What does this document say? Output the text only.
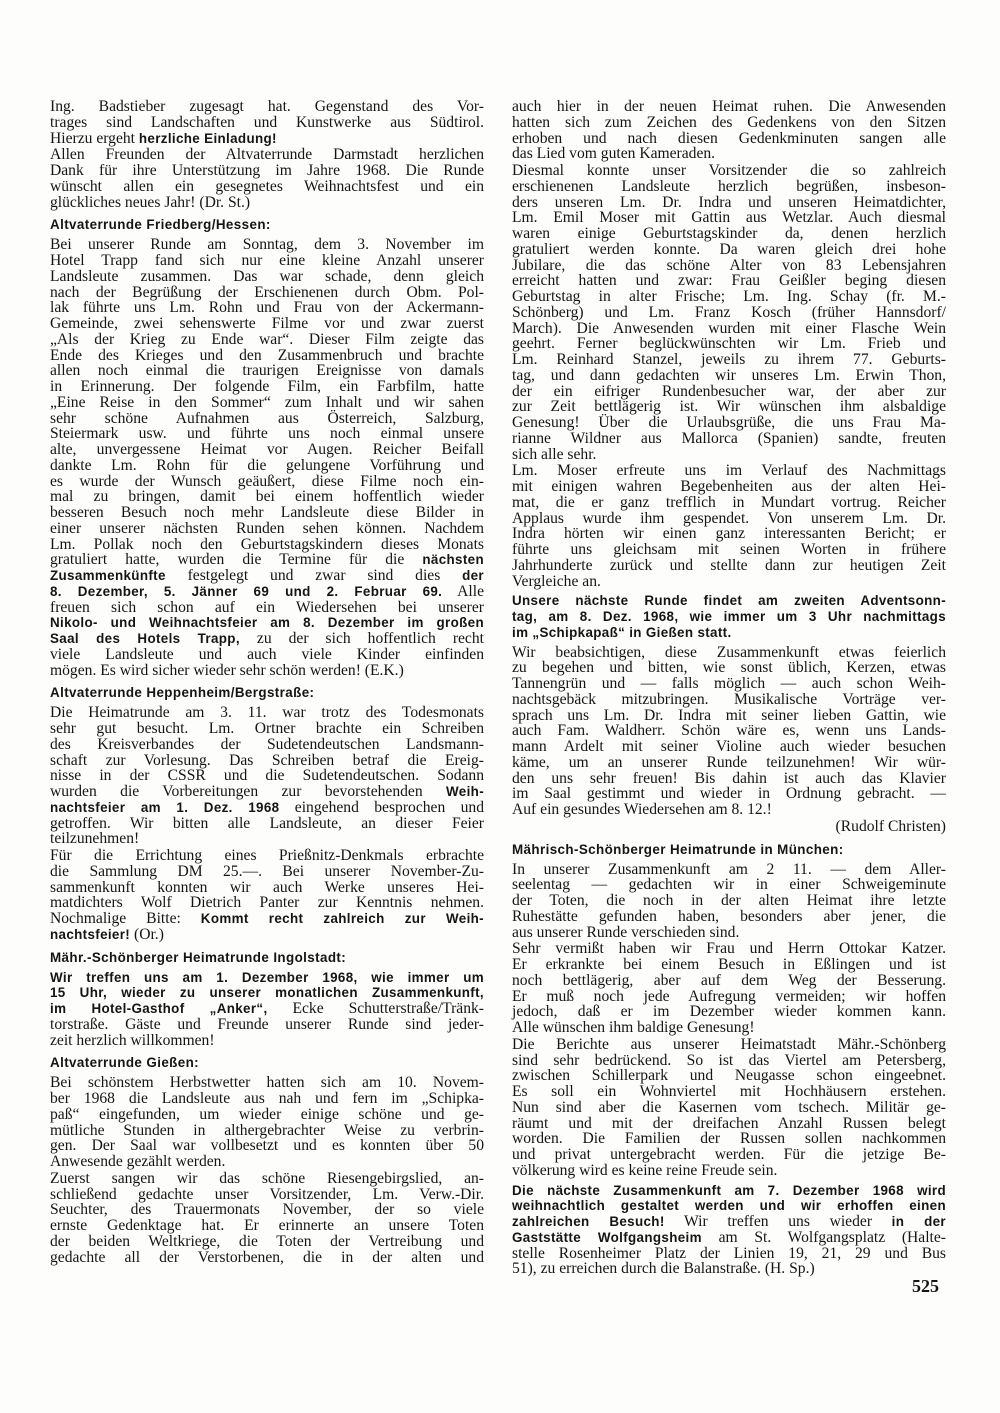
Ing. Badstieber zugesagt hat. Gegenstand des Vor-
trages sind Landschaften und Kunstwerke aus Südtirol.
Hierzu ergeht herzliche Einladung!
Allen Freunden der Altvaterrunde Darmstadt herzlichen
Dank für ihre Unterstützung im Jahre 1968. Die Runde
wünscht allen ein gesegnetes Weihnachtsfest und ein
glückliches neues Jahr! (Dr. St.)
Altvaterrunde Friedberg/Hessen:
Bei unserer Runde am Sonntag, dem 3. November im
Hotel Trapp fand sich nur eine kleine Anzahl unserer
Landsleute zusammen. Das war schade, denn gleich
nach der Begrüßung der Erschienenen durch Obm. Pol-
lak führte uns Lm. Rohn und Frau von der Ackermann-
Gemeinde, zwei sehenswerte Filme vor und zwar zuerst
„Als der Krieg zu Ende war“. Dieser Film zeigte das
Ende des Krieges und den Zusammenbruch und brachte
allen noch einmal die traurigen Ereignisse von damals
in Erinnerung. Der folgende Film, ein Farbfilm, hatte
„Eine Reise in den Sommer“ zum Inhalt und wir sahen
sehr schöne Aufnahmen aus Österreich, Salzburg,
Steiermark usw. und führte uns noch einmal unsere
alte, unvergessene Heimat vor Augen. Reicher Beifall
dankte Lm. Rohn für die gelungene Vorführung und
es wurde der Wunsch geäußert, diese Filme noch ein-
mal zu bringen, damit bei einem hoffentlich wieder
besseren Besuch noch mehr Landsleute diese Bilder in
einer unserer nächsten Runden sehen können. Nachdem
Lm. Pollak noch den Geburtstagskindern dieses Monats
gratuliert hatte, wurden die Termine für die nächsten
Zusammenkünfte festgelegt und zwar sind dies der
8. Dezember, 5. Jänner 69 und 2. Februar 69. Alle
freuen sich schon auf ein Wiedersehen bei unserer
Nikolo- und Weihnachtsfeier am 8. Dezember im großen
Saal des Hotels Trapp, zu der sich hoffentlich recht
viele Landsleute und auch viele Kinder einfinden
mögen. Es wird sicher wieder sehr schön werden! (E.K.)
Altvaterrunde Heppenheim/Bergstraße:
Die Heimatrunde am 3. 11. war trotz des Todesmonats
sehr gut besucht. Lm. Ortner brachte ein Schreiben
des Kreisverbandes der Sudetendeutschen Landsmann-
schaft zur Vorlesung. Das Schreiben betraf die Ereig-
nisse in der CSSR und die Sudetendeutschen. Sodann
wurden die Vorbereitungen zur bevorstehenden Weih-
nachtsfeier am 1. Dez. 1968 eingehend besprochen und
getroffen. Wir bitten alle Landsleute, an dieser Feier
teilzunehmen!
Für die Errichtung eines Prießnitz-Denkmals erbrachte
die Sammlung DM 25.—. Bei unserer November-Zu-
sammenkunft konnten wir auch Werke unseres Hei-
matdichters Wolf Dietrich Panter zur Kenntnis nehmen.
Nochmalige Bitte: Kommt recht zahlreich zur Weih-
nachtsfeier! (Or.)
Mähr.-Schönberger Heimatrunde Ingolstadt:
Wir treffen uns am 1. Dezember 1968, wie immer um
15 Uhr, wieder zu unserer monatlichen Zusammenkunft,
im Hotel-Gasthof „Anker“, Ecke Schutterstraße/Tränk-
torstraße. Gäste und Freunde unserer Runde sind jeder-
zeit herzlich willkommen!
Altvaterrunde Gießen:
Bei schönstem Herbstwetter hatten sich am 10. Novem-
ber 1968 die Landsleute aus nah und fern im „Schipka-
paß“ eingefunden, um wieder einige schöne und ge-
mütliche Stunden in althergebrachter Weise zu verbrin-
gen. Der Saal war vollbesetzt und es konnten über 50
Anwesende gezählt werden.
Zuerst sangen wir das schöne Riesengebirgslied, an-
schließend gedachte unser Vorsitzender, Lm. Verw.-Dir.
Seuchter, des Trauermonats November, der so viele
ernste Gedenktage hat. Er erinnerte an unsere Toten
der beiden Weltkriege, die Toten der Vertreibung und
gedachte all der Verstorbenen, die in der alten und
auch hier in der neuen Heimat ruhen. Die Anwesenden
hatten sich zum Zeichen des Gedenkens von den Sitzen
erhoben und nach diesen Gedenkminuten sangen alle
das Lied vom guten Kameraden.
Diesmal konnte unser Vorsitzender die so zahlreich
erschienenen Landsleute herzlich begrüßen, insbeson-
ders unseren Lm. Dr. Indra und unseren Heimatdichter,
Lm. Emil Moser mit Gattin aus Wetzlar. Auch diesmal
waren einige Geburtstagskinder da, denen herzlich
gratuliert werden konnte. Da waren gleich drei hohe
Jubilare, die das schöne Alter von 83 Lebensjahren
erreicht hatten und zwar: Frau Geißler beging diesen
Geburtstag in alter Frische; Lm. Ing. Schay (fr. M.-
Schönberg) und Lm. Franz Kosch (früher Hannsdorf/
March). Die Anwesenden wurden mit einer Flasche Wein
geehrt. Ferner beglückwünschten wir Lm. Frieb und
Lm. Reinhard Stanzel, jeweils zu ihrem 77. Geburts-
tag, und dann gedachten wir unseres Lm. Erwin Thon,
der ein eifriger Rundenbesucher war, der aber zur
zur Zeit bettlägerig ist. Wir wünschen ihm alsbaldige
Genesung! Über die Urlaubsgrüße, die uns Frau Ma-
rianne Wildner aus Mallorca (Spanien) sandte, freuten
sich alle sehr.
Lm. Moser erfreute uns im Verlauf des Nachmittags
mit einigen wahren Begebenheiten aus der alten Hei-
mat, die er ganz trefflich in Mundart vortrug. Reicher
Applaus wurde ihm gespendet. Von unserem Lm. Dr.
Indra hörten wir einen ganz interessanten Bericht; er
führte uns gleichsam mit seinen Worten in frühere
Jahrhunderte zurück und stellte dann zur heutigen Zeit
Vergleiche an.
Unsere nächste Runde findet am zweiten Adventsonn-
tag, am 8. Dez. 1968, wie immer um 3 Uhr nachmittags
im „Schipkapaß“ in Gießen statt.
Wir beabsichtigen, diese Zusammenkunft etwas feierlich
zu begehen und bitten, wie sonst üblich, Kerzen, etwas
Tannengrün und — falls möglich — auch schon Weih-
nachtsgebäck mitzubringen. Musikalische Vorträge ver-
sprach uns Lm. Dr. Indra mit seiner lieben Gattin, wie
auch Fam. Waldherr. Schön wäre es, wenn uns Lands-
mann Ardelt mit seiner Violine auch wieder besuchen
käme, um an unserer Runde teilzunehmen! Wir wür-
den uns sehr freuen! Bis dahin ist auch das Klavier
im Saal gestimmt und wieder in Ordnung gebracht. —
Auf ein gesundes Wiedersehen am 8. 12.!
(Rudolf Christen)
Mährisch-Schönberger Heimatrunde in München:
In unserer Zusammenkunft am 2 11. — dem Aller-
seelentag — gedachten wir in einer Schweigeminute
der Toten, die noch in der alten Heimat ihre letzte
Ruhestätte gefunden haben, besonders aber jener, die
aus unserer Runde verschieden sind.
Sehr vermißt haben wir Frau und Herrn Ottokar Katzer.
Er erkrankte bei einem Besuch in Eßlingen und ist
noch bettlägerig, aber auf dem Weg der Besserung.
Er muß noch jede Aufregung vermeiden; wir hoffen
jedoch, daß er im Dezember wieder kommen kann.
Alle wünschen ihm baldige Genesung!
Die Berichte aus unserer Heimatstadt Mähr.-Schönberg
sind sehr bedrückend. So ist das Viertel am Petersberg,
zwischen Schillerpark und Neugasse schon eingeebnet.
Es soll ein Wohnviertel mit Hochhäusern erstehen.
Nun sind aber die Kasernen vom tschech. Militär ge-
räumt und mit der dreifachen Anzahl Russen belegt
worden. Die Familien der Russen sollen nachkommen
und privat untergebracht werden. Für die jetzige Be-
völkerung wird es keine reine Freude sein.
Die nächste Zusammenkunft am 7. Dezember 1968 wird
weihnachtlich gestaltet werden und wir erhoffen einen
zahlreichen Besuch! Wir treffen uns wieder in der
Gaststätte Wolfgangsheim am St. Wolfgangsplatz (Halte-
stelle Rosenheimer Platz der Linien 19, 21, 29 und Bus
51), zu erreichen durch die Balanstraße. (H. Sp.)
525
